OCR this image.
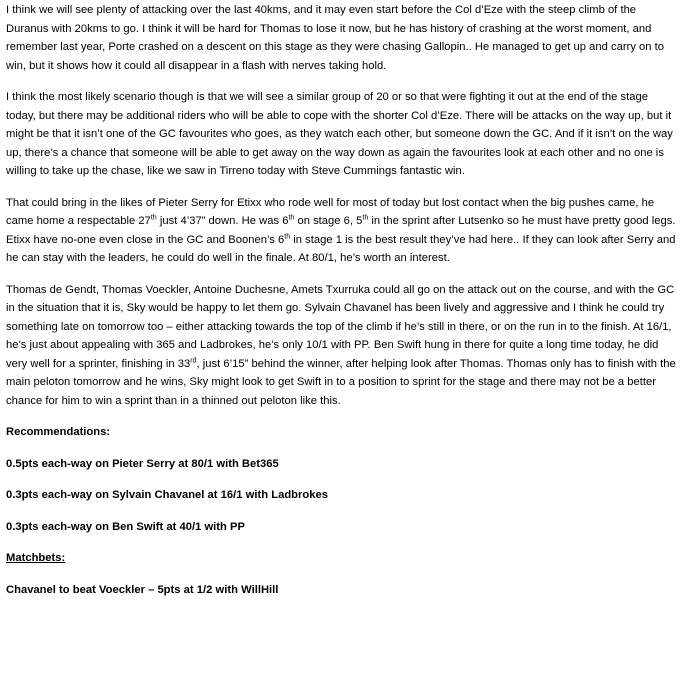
I think we will see plenty of attacking over the last 40kms, and it may even start before the Col d’Eze with the steep climb of the Duranus with 20kms to go. I think it will be hard for Thomas to lose it now, but he has history of crashing at the worst moment, and remember last year, Porte crashed on a descent on this stage as they were chasing Gallopin.. He managed to get up and carry on to win, but it shows how it could all disappear in a flash with nerves taking hold.

I think the most likely scenario though is that we will see a similar group of 20 or so that were fighting it out at the end of the stage today, but there may be additional riders who will be able to cope with the shorter Col d’Eze. There will be attacks on the way up, but it might be that it isn’t one of the GC favourites who goes, as they watch each other, but someone down the GC. And if it isn’t on the way up, there’s a chance that someone will be able to get away on the way down as again the favourites look at each other and no one is willing to take up the chase, like we saw in Tirreno today with Steve Cummings fantastic win.

That could bring in the likes of Pieter Serry for Etixx who rode well for most of today but lost contact when the big pushes came, he came home a respectable 27th just 4’37” down. He was 6th on stage 6, 5th in the sprint after Lutsenko so he must have pretty good legs. Etixx have no-one even close in the GC and Boonen’s 6th in stage 1 is the best result they’ve had here.. If they can look after Serry and he can stay with the leaders, he could do well in the finale. At 80/1, he’s worth an interest.

Thomas de Gendt, Thomas Voeckler, Antoine Duchesne, Amets Txurruka could all go on the attack out on the course, and with the GC in the situation that it is, Sky would be happy to let them go. Sylvain Chavanel has been lively and aggressive and I think he could try something late on tomorrow too – either attacking towards the top of the climb if he’s still in there, or on the run in to the finish. At 16/1, he’s just about appealing with 365 and Ladbrokes, he’s only 10/1 with PP. Ben Swift hung in there for quite a long time today, he did very well for a sprinter, finishing in 33rd, just 6’15” behind the winner, after helping look after Thomas. Thomas only has to finish with the main peloton tomorrow and he wins, Sky might look to get Swift in to a position to sprint for the stage and there may not be a better chance for him to win a sprint than in a thinned out peloton like this.

Recommendations:

0.5pts each-way on Pieter Serry at 80/1 with Bet365

0.3pts each-way on Sylvain Chavanel at 16/1 with Ladbrokes

0.3pts each-way on Ben Swift at 40/1 with PP

Matchbets:

Chavanel to beat Voeckler – 5pts at 1/2 with WillHill
